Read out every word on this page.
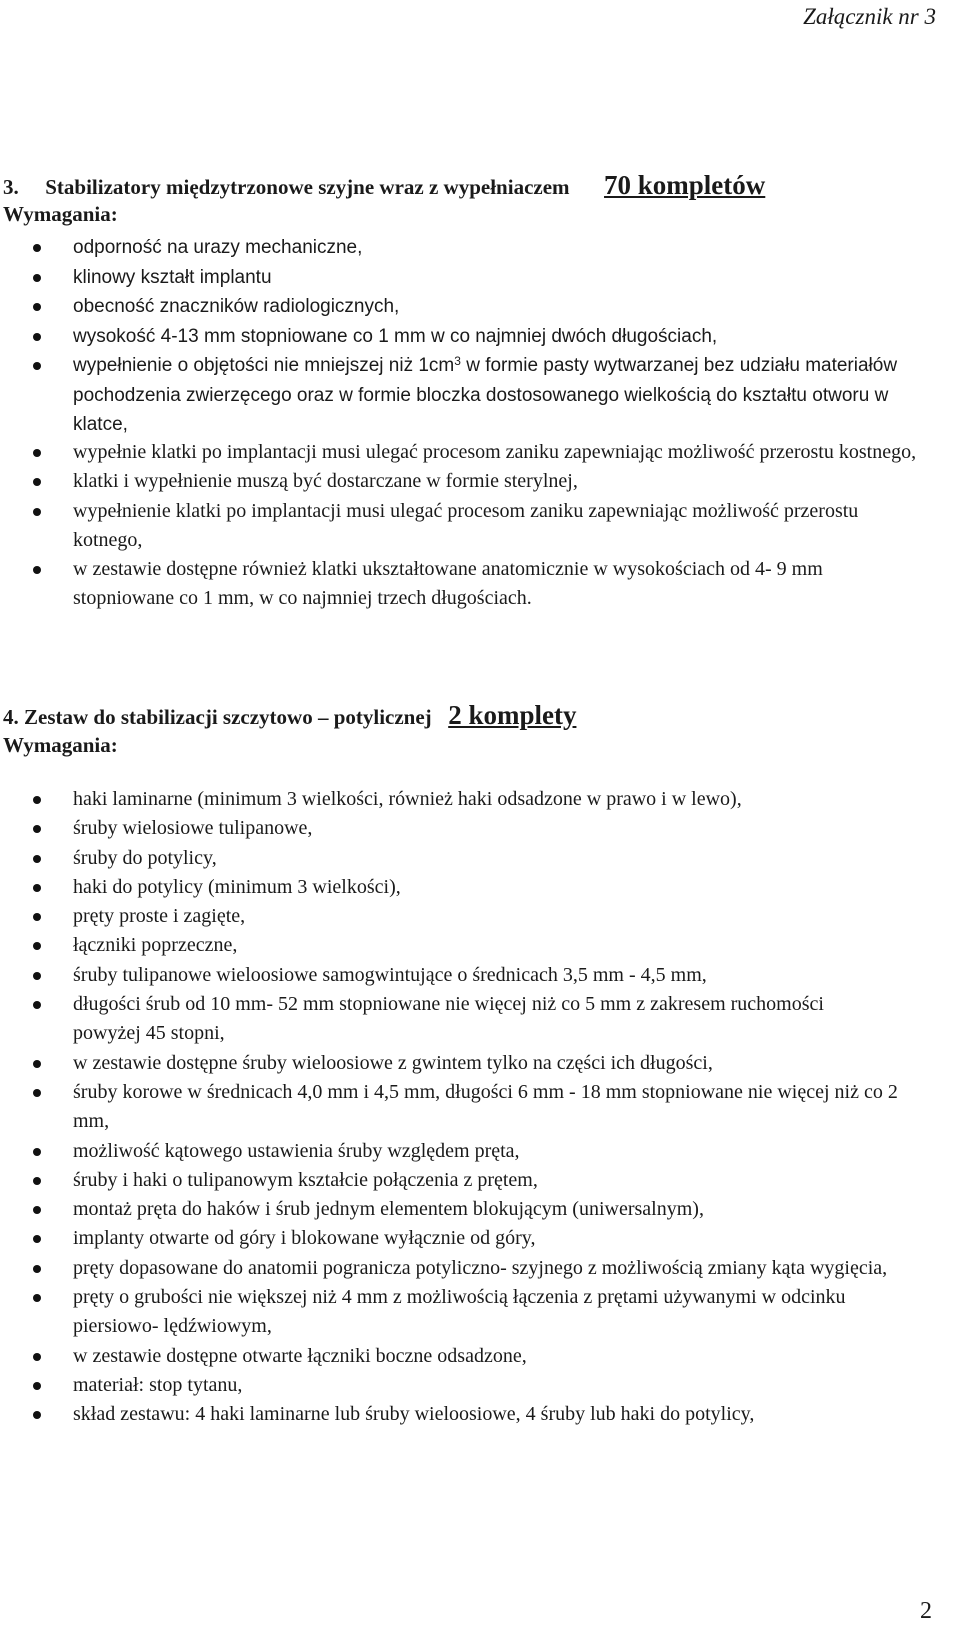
Załącznik nr 3
3. Stabilizatory międzytrzonowe szyjne wraz z wypełniaczem 70 kompletów
Wymagania:
odporność na urazy mechaniczne,
klinowy kształt implantu
obecność znaczników radiologicznych,
wysokość 4-13 mm stopniowane co 1 mm w co najmniej dwóch długościach,
wypełnienie o objętości nie mniejszej niż $1cm^3$ w formie pasty wytwarzanej bez udziału materiałów pochodzenia zwierzęcego oraz w formie bloczka dostosowanego wielkością do kształtu otworu w klatce,
wypełnie klatki po implantacji musi ulegać procesom zaniku zapewniając możliwość przerostu kostnego,
klatki i wypełnienie muszą być dostarczane w formie sterylnej,
wypełnienie klatki po implantacji musi ulegać procesom zaniku zapewniając możliwość przerostu kotnego,
w zestawie dostępne również klatki ukształtowane anatomicznie w wysokościach od 4- 9 mm stopniowane co 1 mm, w co najmniej trzech długościach.
4. Zestaw do stabilizacji szczytowo – potylicznej 2 komplety
Wymagania:
haki laminarne (minimum 3 wielkości, również haki odsadzone w prawo i w lewo),
śruby wielosiowe tulipanowe,
śruby do potylicy,
haki do potylicy (minimum 3 wielkości),
pręty proste i zagięte,
łączniki poprzeczne,
śruby tulipanowe wieloosiowe samogwintujące o średnicach 3,5 mm - 4,5 mm,
długości śrub od 10 mm- 52 mm stopniowane nie więcej niż co 5 mm z zakresem ruchomości
powyżej 45 stopni,
w zestawie dostępne śruby wieloosiowe z gwintem tylko na części ich długości,
śruby korowe w średnicach 4,0 mm i 4,5 mm, długości 6 mm - 18 mm stopniowane nie więcej niż co 2 mm,
możliwość kątowego ustawienia śruby względem pręta,
śruby i haki o tulipanowym kształcie połączenia z prętem,
montaż pręta do haków i śrub jednym elementem blokującym (uniwersalnym),
implanty otwarte od góry i blokowane wyłącznie od góry,
pręty dopasowane do anatomii pogranicza potyliczno- szyjnego z możliwością zmiany kąta wygięcia,
pręty o grubości nie większej niż 4 mm z możliwością łączenia z prętami używanymi w odcinku piersiowo- lędźwiowym,
w zestawie dostępne otwarte łączniki boczne odsadzone,
materiał: stop tytanu,
skład zestawu: 4 haki laminarne lub śruby wieloosiowe, 4 śruby lub haki do potylicy,
2
